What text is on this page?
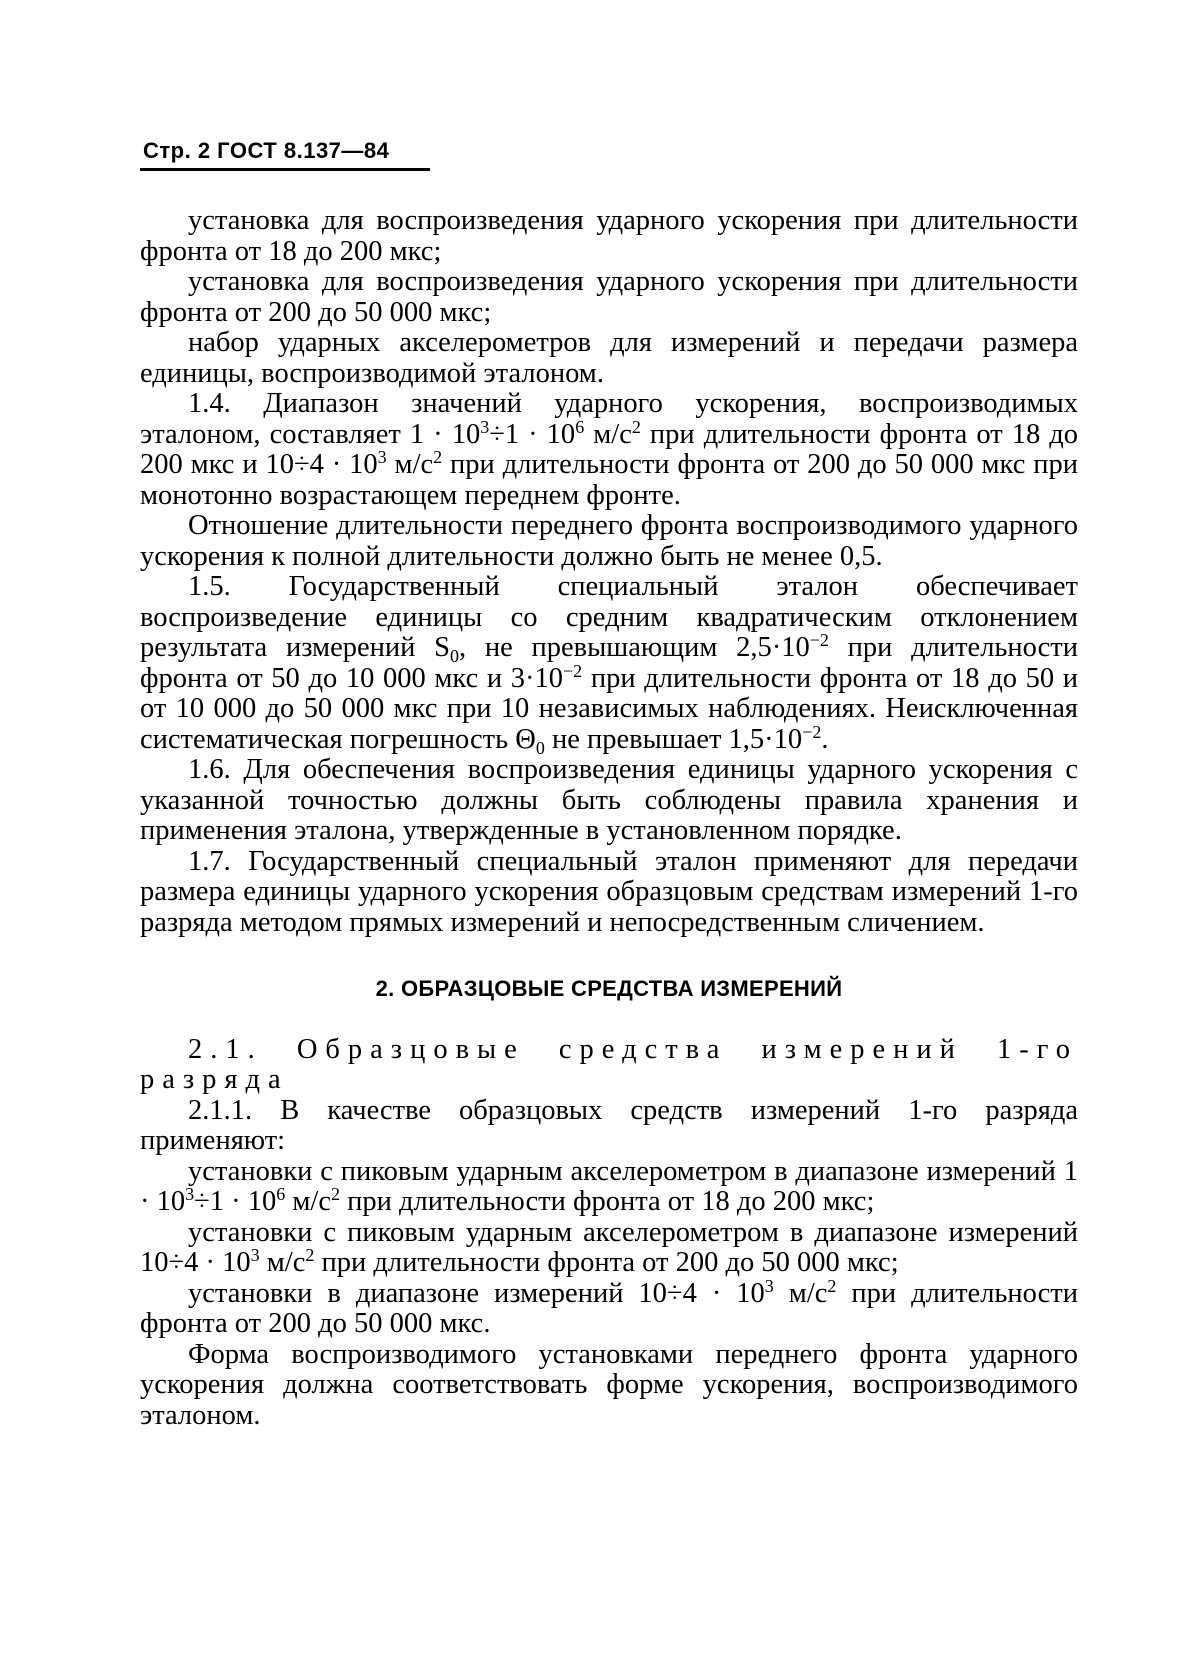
Стр. 2 ГОСТ 8.137—84

установка для воспроизведения ударного ускорения при длительности фронта от 18 до 200 мкс;

установка для воспроизведения ударного ускорения при длительности фронта от 200 до 50 000 мкс;

набор ударных акселерометров для измерений и передачи размера единицы, воспроизводимой эталоном.

1.4. Диапазон значений ударного ускорения, воспроизводимых эталоном, составляет $1 \cdot 10^3\div 1 \cdot 10^6$ $м/с^2$ при длительности фронта от 18 до 200 мкс и $10\div 4 \cdot 10^3$ $м/с^2$ при длительности фронта от 200 до 50 000 мкс при монотонно возрастающем переднем фронте.

Отношение длительности переднего фронта воспроизводимого ударного ускорения к полной длительности должно быть не менее 0,5.

1.5. Государственный специальный эталон обеспечивает воспроизведение единицы со средним квадратическим отклонением результата измерений $S_0$, не превышающим $2,5\cdot 10^{-2}$ при длительности фронта от 50 до 10 000 мкс и $3\cdot 10^{-2}$ при длительности фронта от 18 до 50 и от 10 000 до 50 000 мкс при 10 независимых наблюдениях. Неисключенная систематическая погрешность $\Theta_0$ не превышает $1,5\cdot 10^{-2}$.

1.6. Для обеспечения воспроизведения единицы ударного ускорения с указанной точностью должны быть соблюдены правила хранения и применения эталона, утвержденные в установленном порядке.

1.7. Государственный специальный эталон применяют для передачи размера единицы ударного ускорения образцовым средствам измерений 1-го разряда методом прямых измерений и непосредственным сличением.

2. ОБРАЗЦОВЫЕ СРЕДСТВА ИЗМЕРЕНИЙ

2.1. Образцовые средства измерений 1-го разряда

2.1.1. В качестве образцовых средств измерений 1-го разряда применяют:

установки с пиковым ударным акселерометром в диапазоне измерений $1 \cdot 10^3\div 1 \cdot 10^6$ $м/с^2$ при длительности фронта от 18 до 200 мкс;

установки с пиковым ударным акселерометром в диапазоне измерений $10\div 4 \cdot 10^3$ $м/с^2$ при длительности фронта от 200 до 50 000 мкс;

установки в диапазоне измерений $10\div 4 \cdot 10^3$ $м/с^2$ при длительности фронта от 200 до 50 000 мкс.

Форма воспроизводимого установками переднего фронта ударного ускорения должна соответствовать форме ускорения, воспроизводимого эталоном.
